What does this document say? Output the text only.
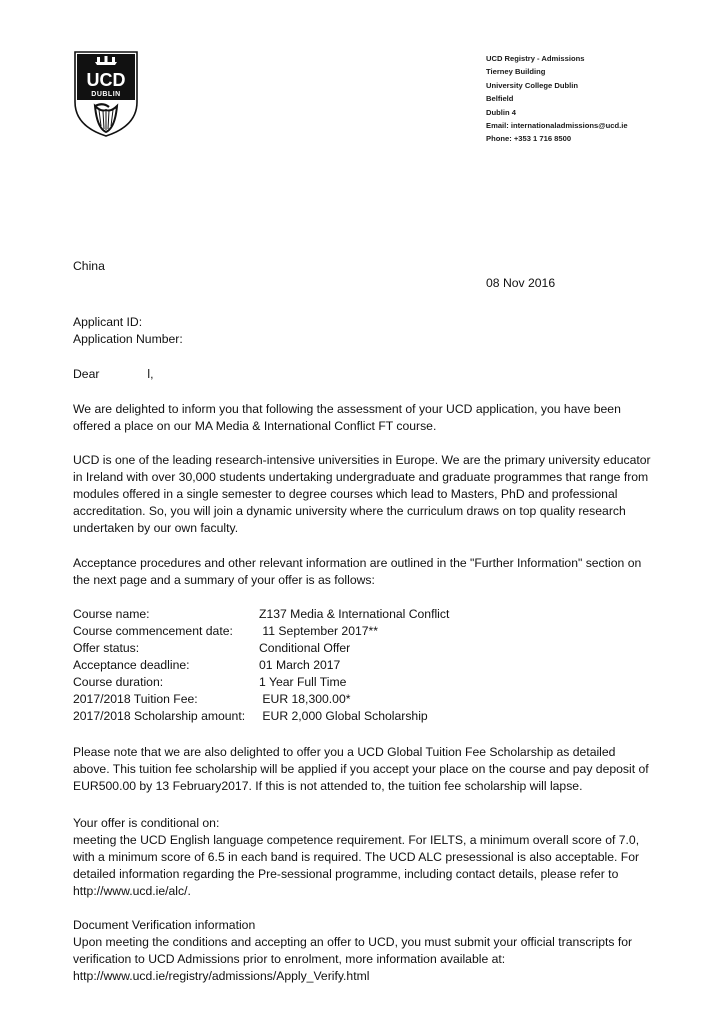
UCD
DUBLIN
UCD Registry - Admissions
Tierney Building
University College Dublin
Belfield
Dublin 4
Email: internationaladmissions@ucd.ie
Phone: +353 1 716 8500
China
08 Nov 2016
Applicant ID:
Application Number:
Dear	l,
We are delighted to inform you that following the assessment of your UCD application, you have been
offered a place on our MA Media & International Conflict FT course.
UCD is one of the leading research-intensive universities in Europe. We are the primary university educator
in Ireland with over 30,000 students undertaking undergraduate and graduate programmes that range from
modules offered in a single semester to degree courses which lead to Masters, PhD and professional
accreditation. So, you will join a dynamic university where the curriculum draws on top quality research
undertaken by our own faculty.
Acceptance procedures and other relevant information are outlined in the "Further Information" section on
the next page and a summary of your offer is as follows:
Course name:	Z137 Media & International Conflict
Course commencement date:	11 September 2017**
Offer status:	Conditional Offer
Acceptance deadline:	01 March 2017
Course duration:	1 Year Full Time
2017/2018 Tuition Fee:	EUR 18,300.00*
2017/2018 Scholarship amount:	EUR 2,000 Global Scholarship
Please note that we are also delighted to offer you a UCD Global Tuition Fee Scholarship as detailed
above. This tuition fee scholarship will be applied if you accept your place on the course and pay deposit of
EUR500.00 by 13 February2017. If this is not attended to, the tuition fee scholarship will lapse.
Your offer is conditional on:
meeting the UCD English language competence requirement. For IELTS, a minimum overall score of 7.0,
with a minimum score of 6.5 in each band is required. The UCD ALC presessional is also acceptable. For
detailed information regarding the Pre-sessional programme, including contact details, please refer to
http://www.ucd.ie/alc/.
Document Verification information
Upon meeting the conditions and accepting an offer to UCD, you must submit your official transcripts for
verification to UCD Admissions prior to enrolment, more information available at:
http://www.ucd.ie/registry/admissions/Apply_Verify.html
